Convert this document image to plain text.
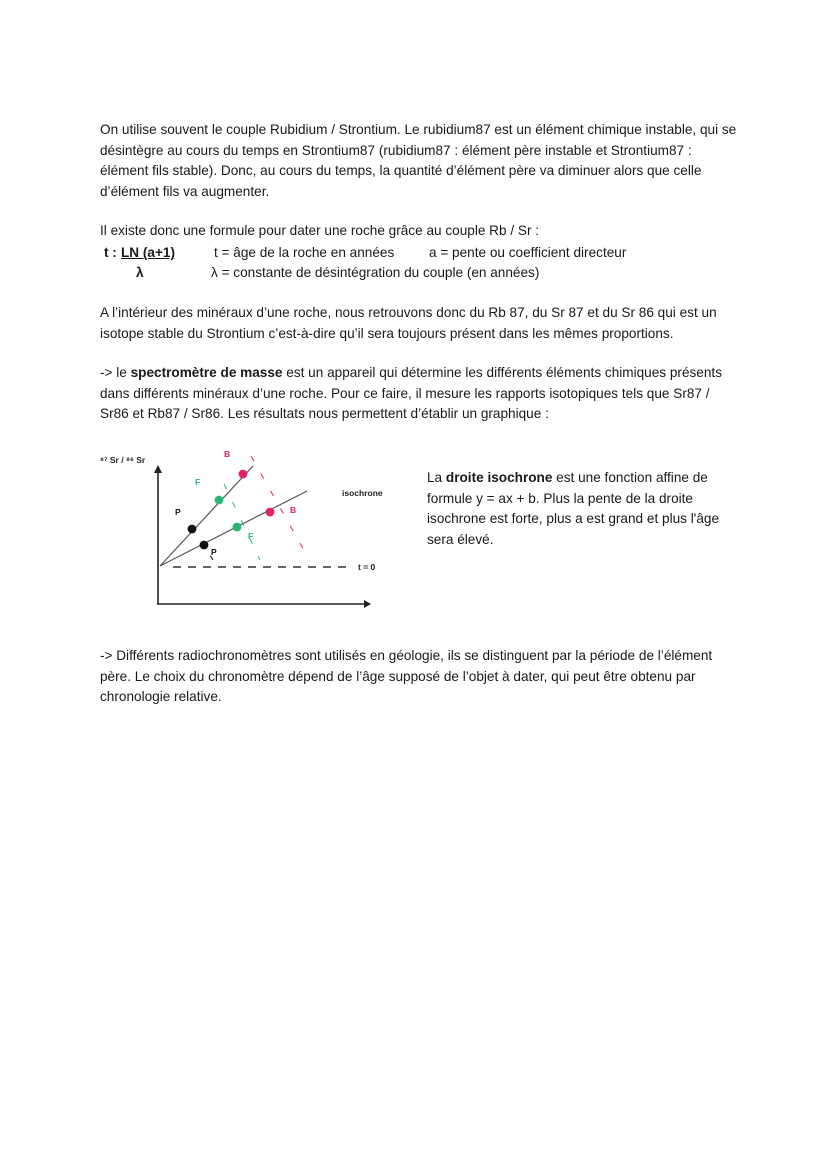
On utilise souvent le couple Rubidium / Strontium. Le rubidium87 est un élément chimique instable, qui se désintègre au cours du temps en Strontium87 (rubidium87 : élément père instable et Strontium87 : élément fils stable). Donc, au cours du temps, la quantité d’élément père va diminuer alors que celle d’élément fils va augmenter.

Il existe donc une formule pour dater une roche grâce au couple Rb / Sr :

t : LN (a+1)
λ
t = âge de la roche en années	a = pente ou coefficient directeur
λ = constante de désintégration du couple (en années)

A l’intérieur des minéraux d’une roche, nous retrouvons donc du Rb 87, du Sr 87 et du Sr 86 qui est un isotope stable du Strontium c’est-à-dire qu’il sera toujours présent dans les mêmes proportions.

-> le spectromètre de masse est un appareil qui détermine les différents éléments chimiques présents dans différents minéraux d’une roche. Pour ce faire, il mesure les rapports isotopiques tels que Sr87 / Sr86 et Rb87 / Sr86. Les résultats nous permettent d’établir un graphique :

⁸⁷ Sr / ⁸⁶ Sr
t = 0
isochrone
P
F
B
P
F
B

La droite isochrone est une fonction affine de formule y = ax + b. Plus la pente de la droite isochrone est forte, plus a est grand et plus l'âge sera élevé.

-> Différents radiochronomètres sont utilisés en géologie, ils se distinguent par la période de l’élément père. Le choix du chronomètre dépend de l’âge supposé de l’objet à dater, qui peut être obtenu par chronologie relative.
